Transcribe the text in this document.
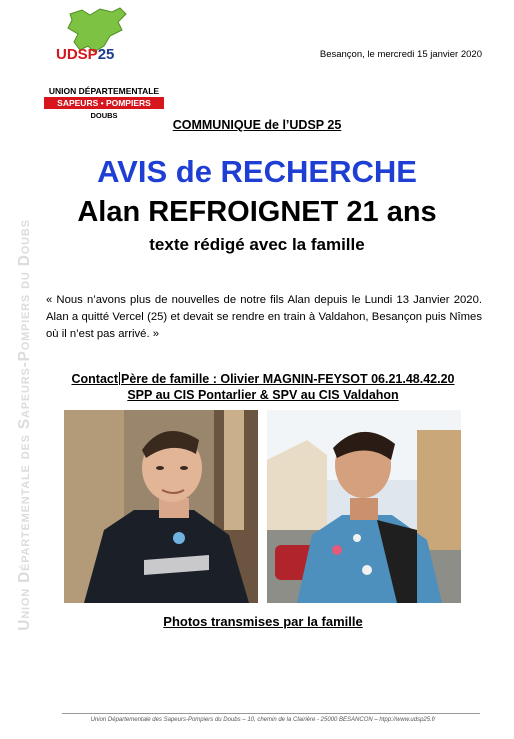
UDSP25
UNION DÉPARTEMENTALE
SAPEURS • POMPIERS
DOUBS
Besançon, le mercredi 15 janvier 2020
Union Départementale des Sapeurs-Pompiers du Doubs
COMMUNIQUE de l’UDSP 25
AVIS de RECHERCHE
Alan REFROIGNET 21 ans
texte rédigé avec la famille
« Nous n’avons plus de nouvelles de notre fils Alan depuis le Lundi 13 Janvier 2020. Alan a quitté Vercel (25) et devait se rendre en train à Valdahon, Besançon puis Nîmes où il n’est pas arrivé. »
Contact Père de famille : Olivier MAGNIN-FEYSOT 06.21.48.42.20
SPP au CIS Pontarlier & SPV au CIS Valdahon
Photos transmises par la famille
Union Départementale des Sapeurs-Pompiers du Doubs – 10, chemin de la Clairière - 25000 BESANCON – htpp://www.udsp25.fr
